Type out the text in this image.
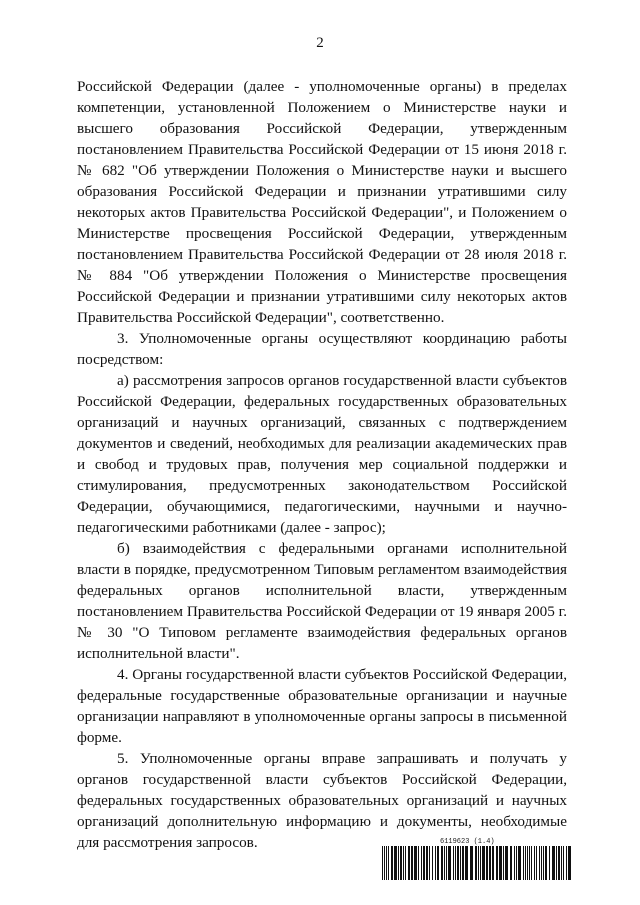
2

Российской Федерации (далее - уполномоченные органы) в пределах компетенции, установленной Положением о Министерстве науки и высшего образования Российской Федерации, утвержденным постановлением Правительства Российской Федерации от 15 июня 2018 г. № 682 "Об утверждении Положения о Министерстве науки и высшего образования Российской Федерации и признании утратившими силу некоторых актов Правительства Российской Федерации", и Положением о Министерстве просвещения Российской Федерации, утвержденным постановлением Правительства Российской Федерации от 28 июля 2018 г. № 884 "Об утверждении Положения о Министерстве просвещения Российской Федерации и признании утратившими силу некоторых актов Правительства Российской Федерации", соответственно.

3. Уполномоченные органы осуществляют координацию работы посредством:

а) рассмотрения запросов органов государственной власти субъектов Российской Федерации, федеральных государственных образовательных организаций и научных организаций, связанных с подтверждением документов и сведений, необходимых для реализации академических прав и свобод и трудовых прав, получения мер социальной поддержки и стимулирования, предусмотренных законодательством Российской Федерации, обучающимися, педагогическими, научными и научно-педагогическими работниками (далее - запрос);

б) взаимодействия с федеральными органами исполнительной власти в порядке, предусмотренном Типовым регламентом взаимодействия федеральных органов исполнительной власти, утвержденным постановлением Правительства Российской Федерации от 19 января 2005 г. № 30 "О Типовом регламенте взаимодействия федеральных органов исполнительной власти".

4. Органы государственной власти субъектов Российской Федерации, федеральные государственные образовательные организации и научные организации направляют в уполномоченные органы запросы в письменной форме.

5. Уполномоченные органы вправе запрашивать и получать у органов государственной власти субъектов Российской Федерации, федеральных государственных образовательных организаций и научных организаций дополнительную информацию и документы, необходимые для рассмотрения запросов.	6119623 (1.4)
